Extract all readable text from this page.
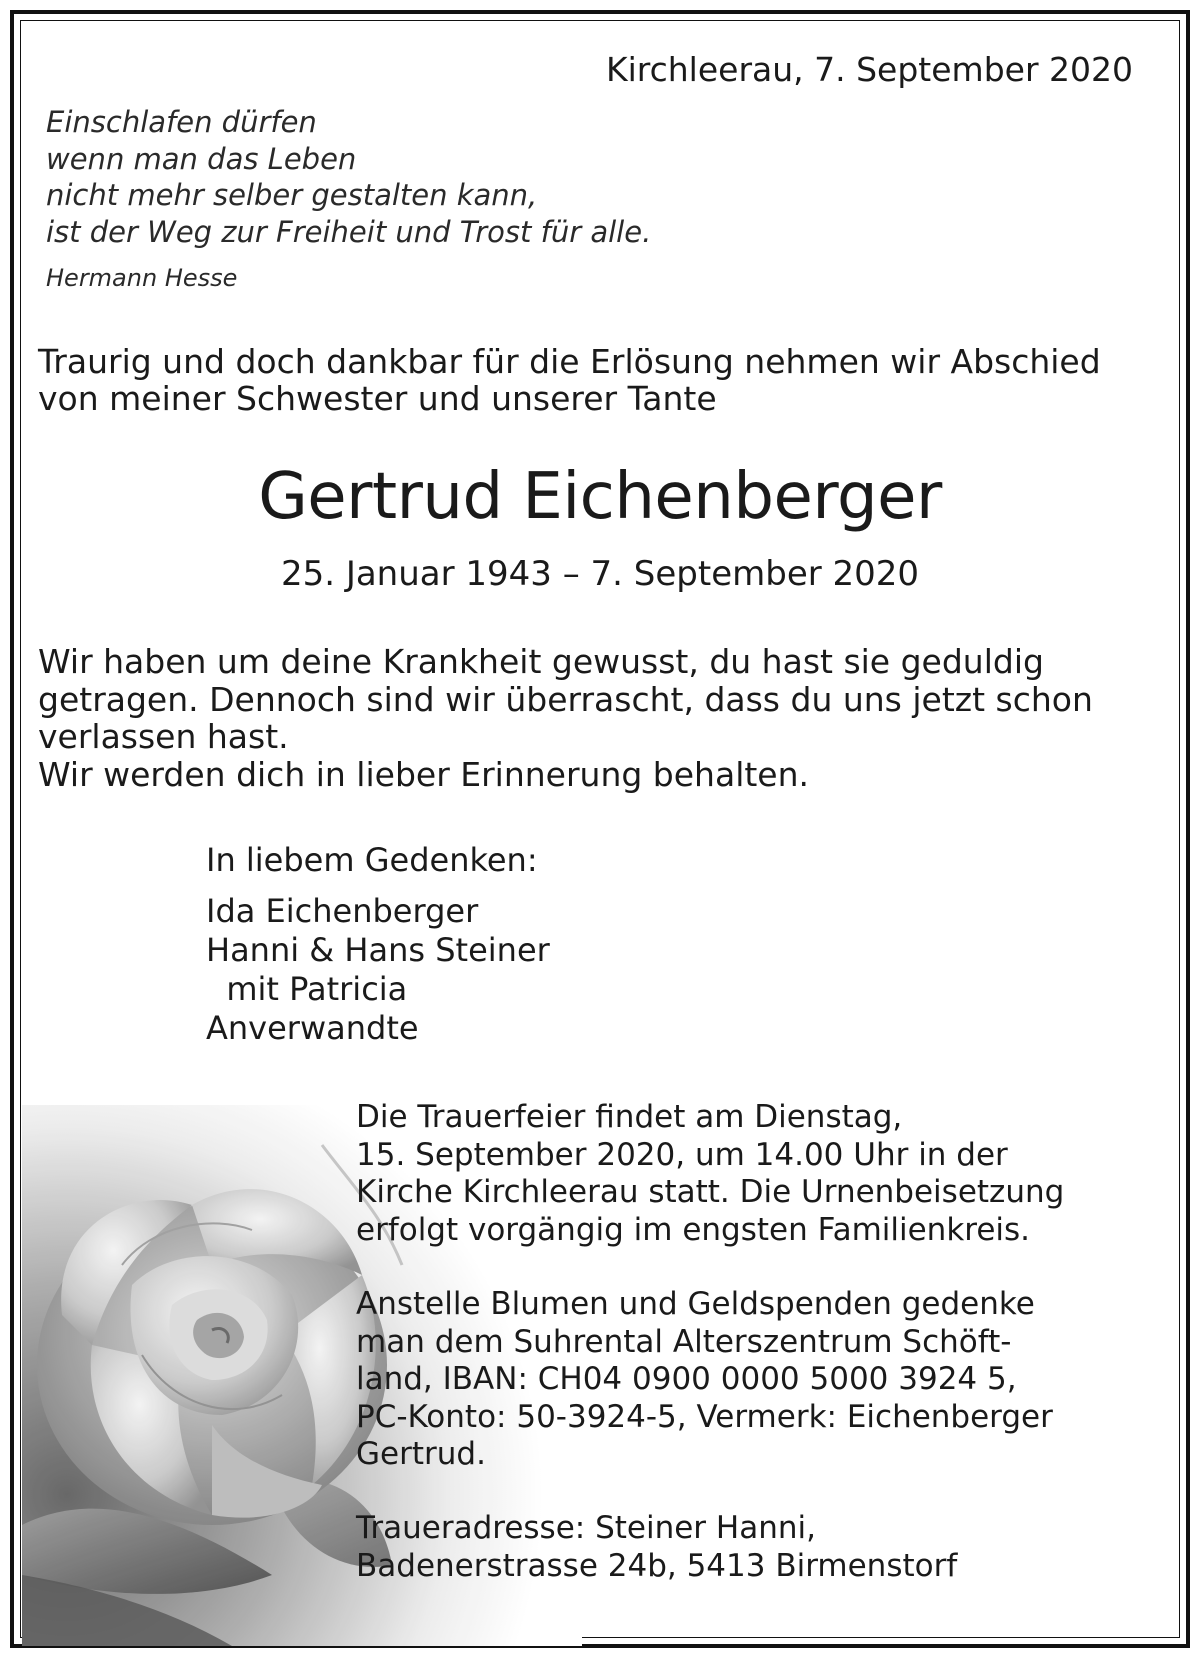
Kirchleerau, 7. September 2020

Einschlafen dürfen
wenn man das Leben
nicht mehr selber gestalten kann,
ist der Weg zur Freiheit und Trost für alle.

Hermann Hesse

Traurig und doch dankbar für die Erlösung nehmen wir Abschied
von meiner Schwester und unserer Tante

Gertrud Eichenberger

25. Januar 1943 – 7. September 2020

Wir haben um deine Krankheit gewusst, du hast sie geduldig
getragen. Dennoch sind wir überrascht, dass du uns jetzt schon
verlassen hast.
Wir werden dich in lieber Erinnerung behalten.

In liebem Gedenken:

Ida Eichenberger
Hanni & Hans Steiner
mit Patricia
Anverwandte
Die Trauerfeier findet am Dienstag,
15. September 2020, um 14.00 Uhr in der
Kirche Kirchleerau statt. Die Urnenbeisetzung
erfolgt vorgängig im engsten Familienkreis.
Anstelle Blumen und Geldspenden gedenke
man dem Suhrental Alterszentrum Schöft-
land, IBAN: CH04 0900 0000 5000 3924 5,
PC-Konto: 50-3924-5, Vermerk: Eichenberger
Gertrud.
Traueradresse: Steiner Hanni,
Badenerstrasse 24b, 5413 Birmenstorf
